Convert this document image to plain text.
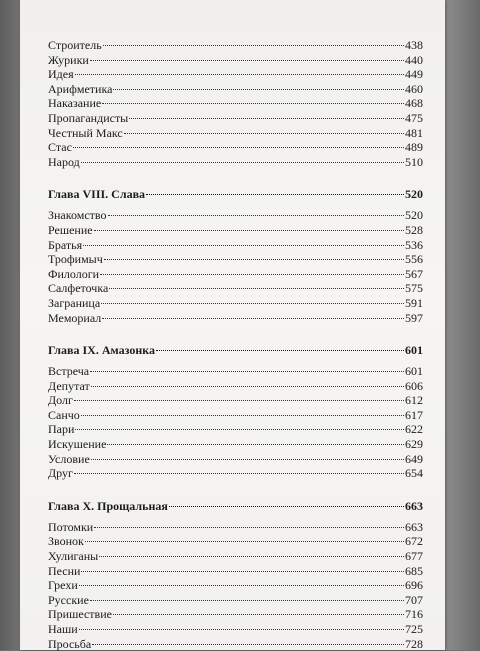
Строитель	438
Журики	440
Идея	449
Арифметика	460
Наказание	468
Пропагандисты	475
Честный Макс	481
Стас	489
Народ	510
Глава VIII. Слава	520
Знакомство	520
Решение	528
Братья	536
Трофимыч	556
Филологи	567
Салфеточка	575
Заграница	591
Мемориал	597
Глава IX. Амазонка	601
Встреча	601
Депутат	606
Долг	612
Санчо	617
Пари	622
Искушение	629
Условие	649
Друг	654
Глава X. Прощальная	663
Потомки	663
Звонок	672
Хулиганы	677
Песни	685
Грехи	696
Русские	707
Пришествие	716
Наши	725
Просьба	728
